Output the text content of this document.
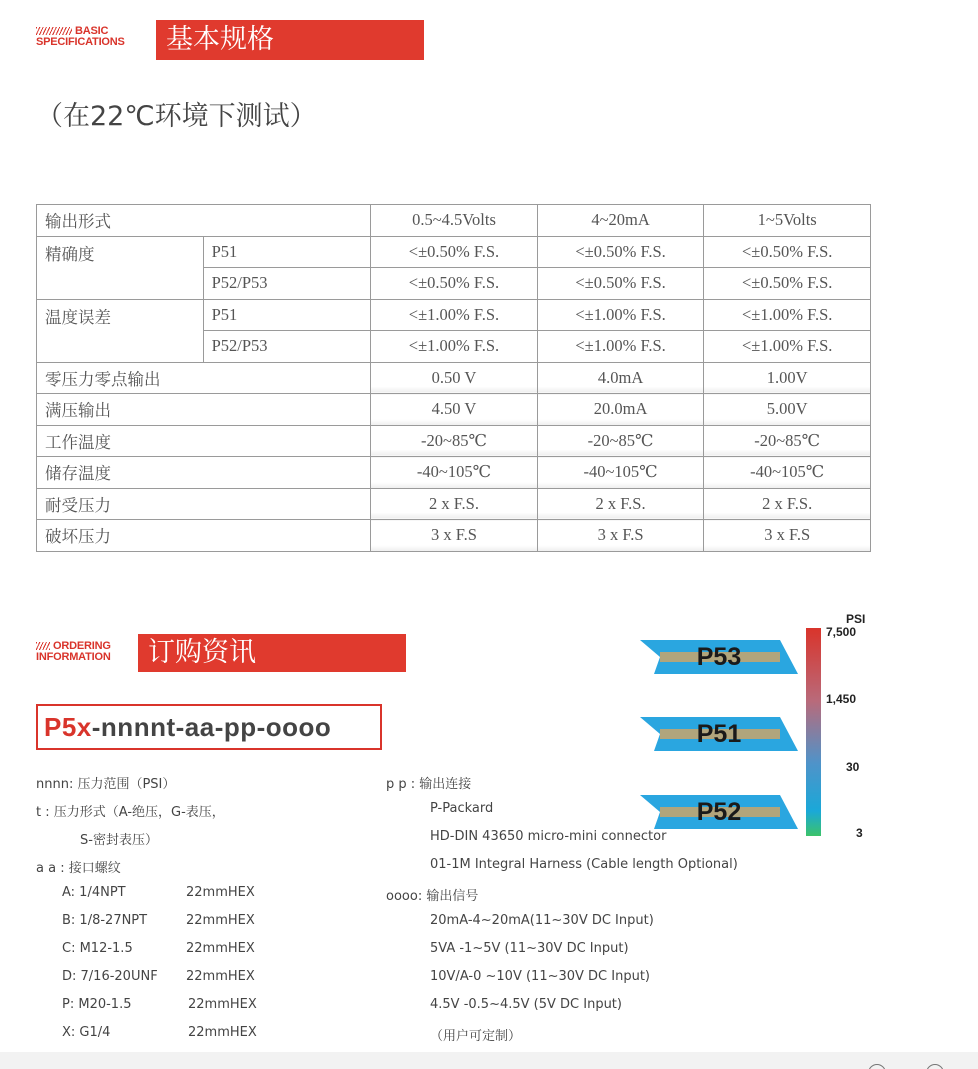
BASIC
SPECIFICATIONS	基本规格
（在22℃环境下测试）
输出形式		0.5~4.5Volts	4~20mA	1~5Volts
精确度	P51	<±0.50% F.S.	<±0.50% F.S.	<±0.50% F.S.
	P52/P53	<±0.50% F.S.	<±0.50% F.S.	<±0.50% F.S.
温度误差	P51	<±1.00% F.S.	<±1.00% F.S.	<±1.00% F.S.
	P52/P53	<±1.00% F.S.	<±1.00% F.S.	<±1.00% F.S.
零压力零点输出		0.50 V	4.0mA	1.00V
满压输出		4.50 V	20.0mA	5.00V
工作温度		-20~85℃	-20~85℃	-20~85℃
储存温度		-40~105℃	-40~105℃	-40~105℃
耐受压力		2 x F.S.	2 x F.S.	2 x F.S.
破坏压力		3 x F.S	3 x F.S	3 x F.S
ORDERING
INFORMATION	订购资讯
P5x-nnnnt-aa-pp-oooo
nnnn: 压力范围（PSI）
t : 压力形式（A-绝压，G-表压，
S-密封表压）
a a : 接口螺纹
A: 1/4NPT	22mmHEX
B: 1/8-27NPT	22mmHEX
C: M12-1.5	22mmHEX
D: 7/16-20UNF 22mmHEX
P: M20-1.5	22mmHEX
X: G1/4	22mmHEX
p p : 输出连接
P-Packard
HD-DIN 43650 micro-mini connector
01-1M Integral Harness (Cable length Optional)
oooo: 输出信号
20mA-4~20mA(11~30V DC Input)
5VA -1~5V (11~30V DC Input)
10V/A-0 ~10V (11~30V DC Input)
4.5V -0.5~4.5V (5V DC Input)
（用户可定制）
P53
P51
P52
PSI
7,500
1,450
30
3
